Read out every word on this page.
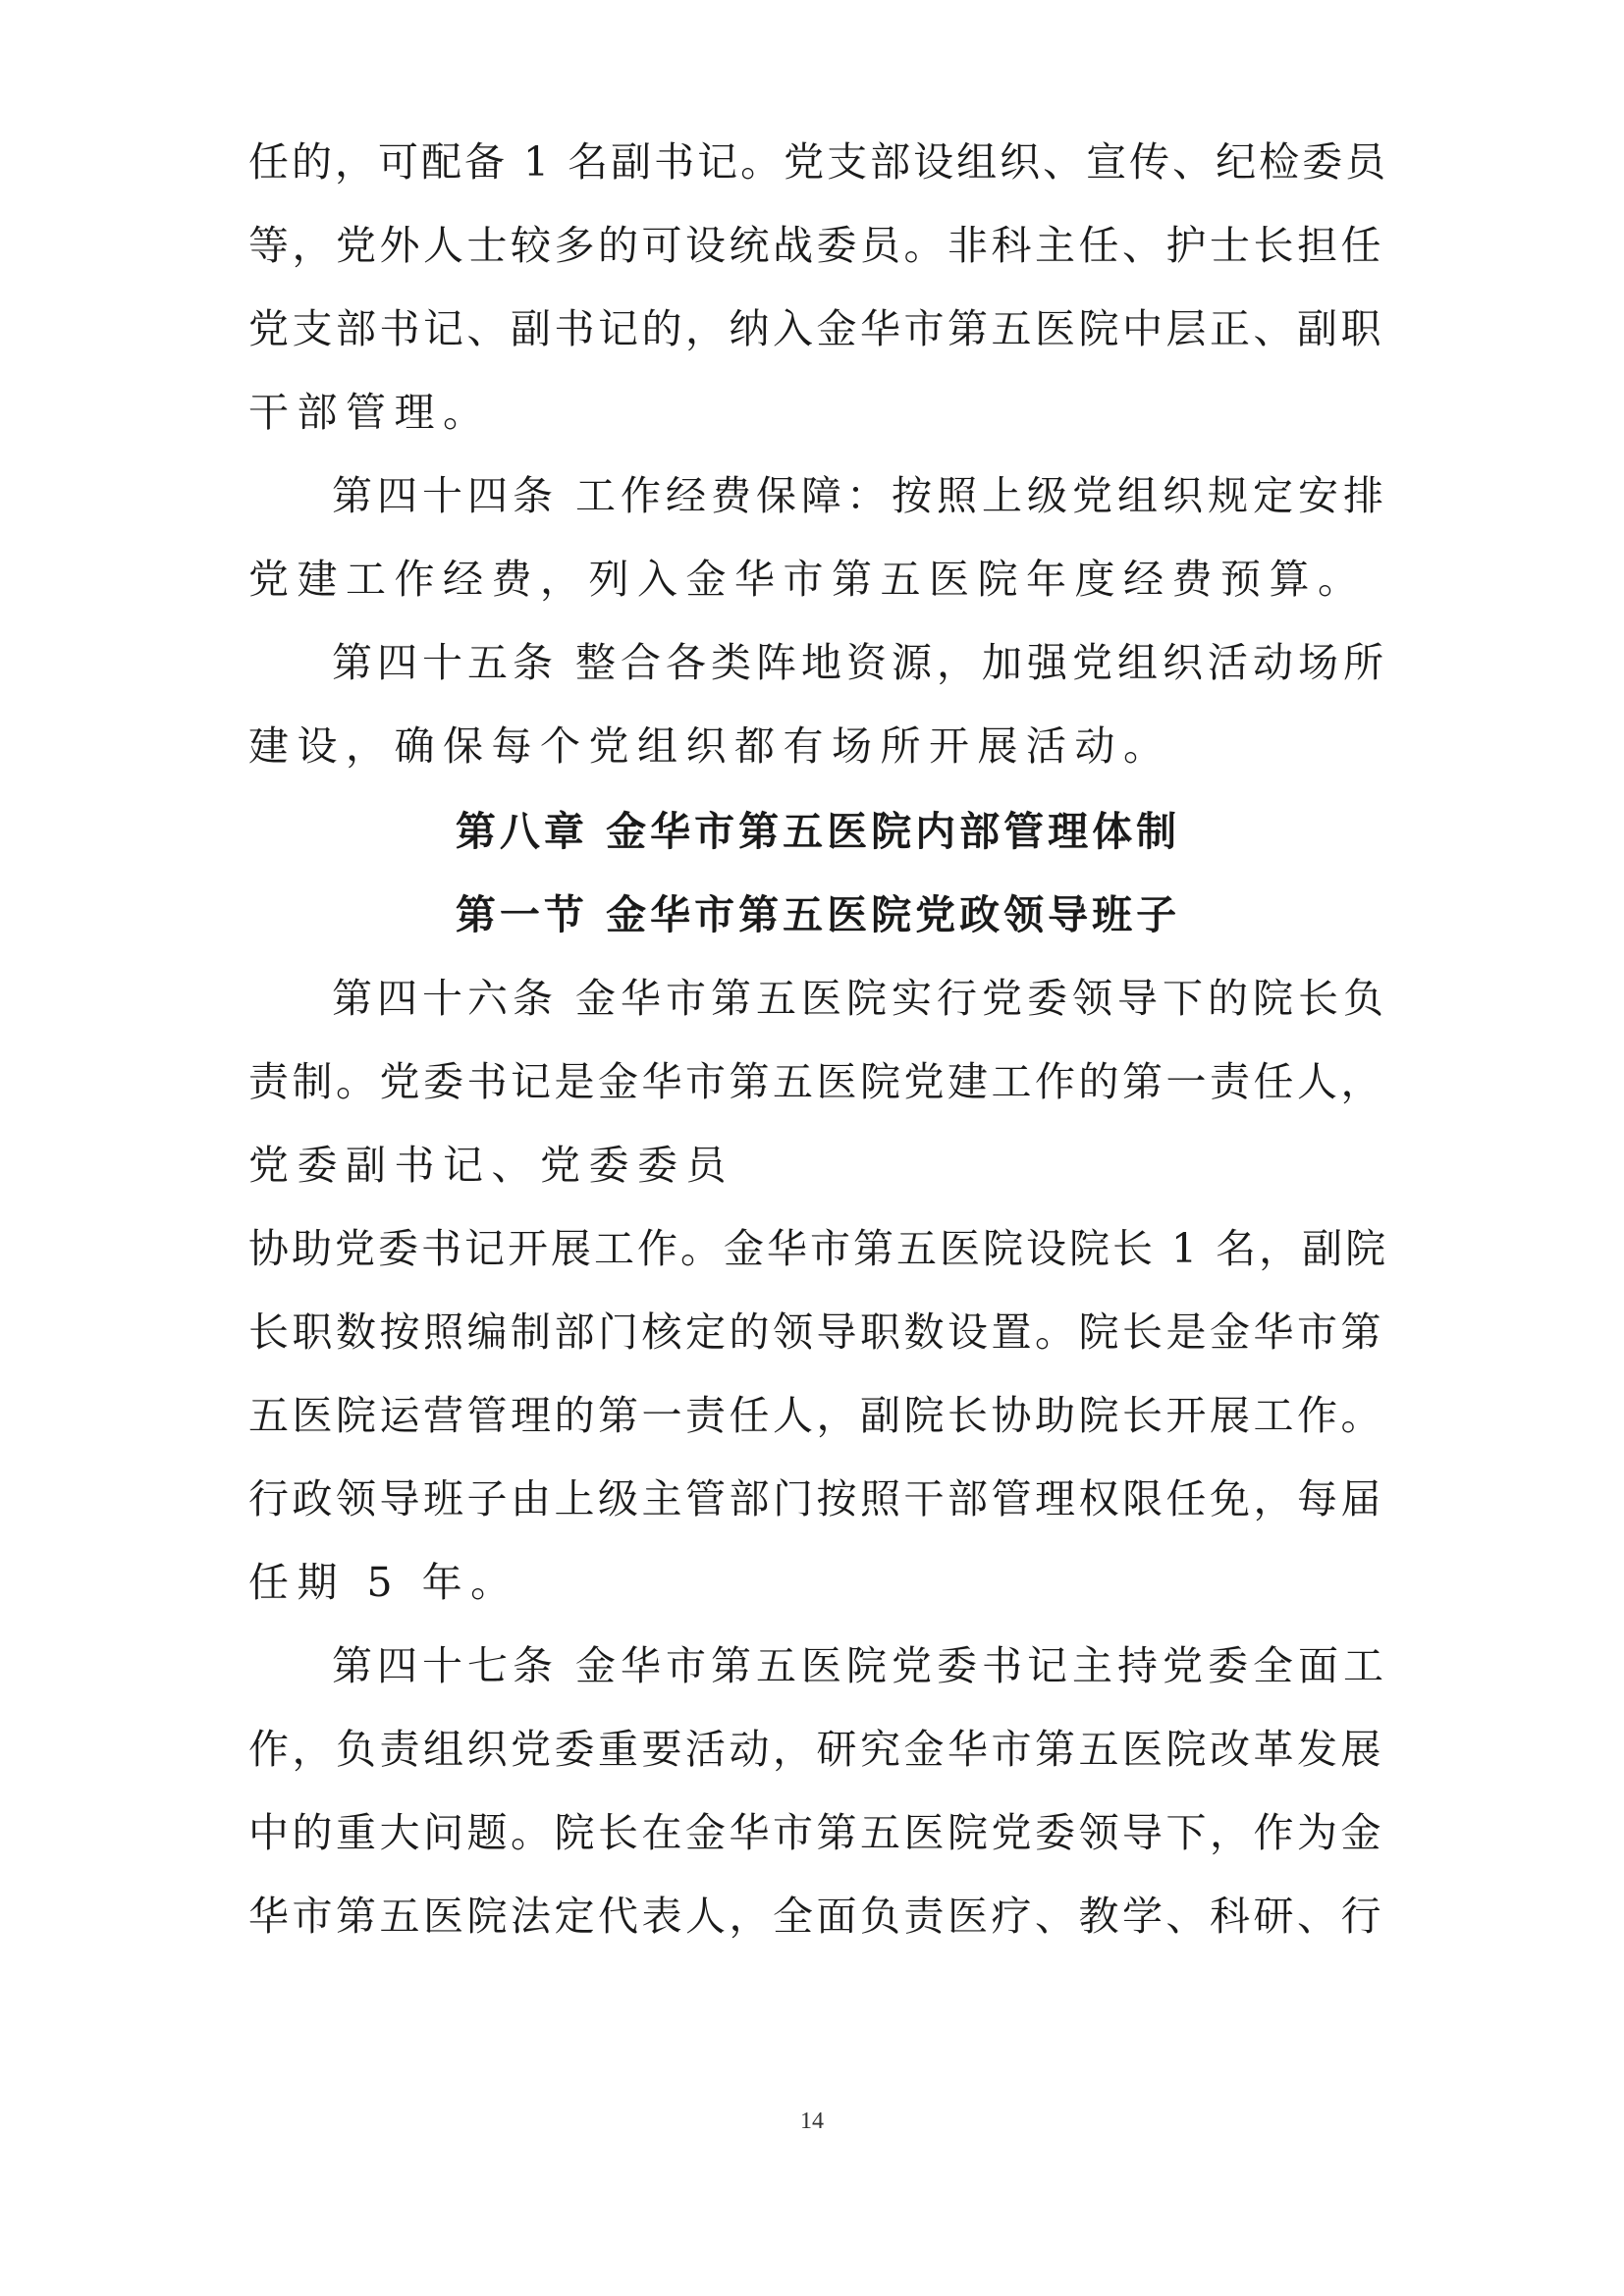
任的，可配备 1 名副书记。党支部设组织、宣传、纪检委员
等，党外人士较多的可设统战委员。非科主任、护士长担任
党支部书记、副书记的，纳入金华市第五医院中层正、副职
干部管理。
第四十四条 工作经费保障：按照上级党组织规定安排
党建工作经费，列入金华市第五医院年度经费预算。
第四十五条 整合各类阵地资源，加强党组织活动场所
建设，确保每个党组织都有场所开展活动。
第八章 金华市第五医院内部管理体制
第一节 金华市第五医院党政领导班子
第四十六条 金华市第五医院实行党委领导下的院长负
责制。党委书记是金华市第五医院党建工作的第一责任人，
党委副书记、党委委员
协助党委书记开展工作。金华市第五医院设院长 1 名，副院
长职数按照编制部门核定的领导职数设置。院长是金华市第
五医院运营管理的第一责任人，副院长协助院长开展工作。
行政领导班子由上级主管部门按照干部管理权限任免，每届
任期 5 年。
第四十七条 金华市第五医院党委书记主持党委全面工
作，负责组织党委重要活动，研究金华市第五医院改革发展
中的重大问题。院长在金华市第五医院党委领导下，作为金
华市第五医院法定代表人，全面负责医疗、教学、科研、行
14
